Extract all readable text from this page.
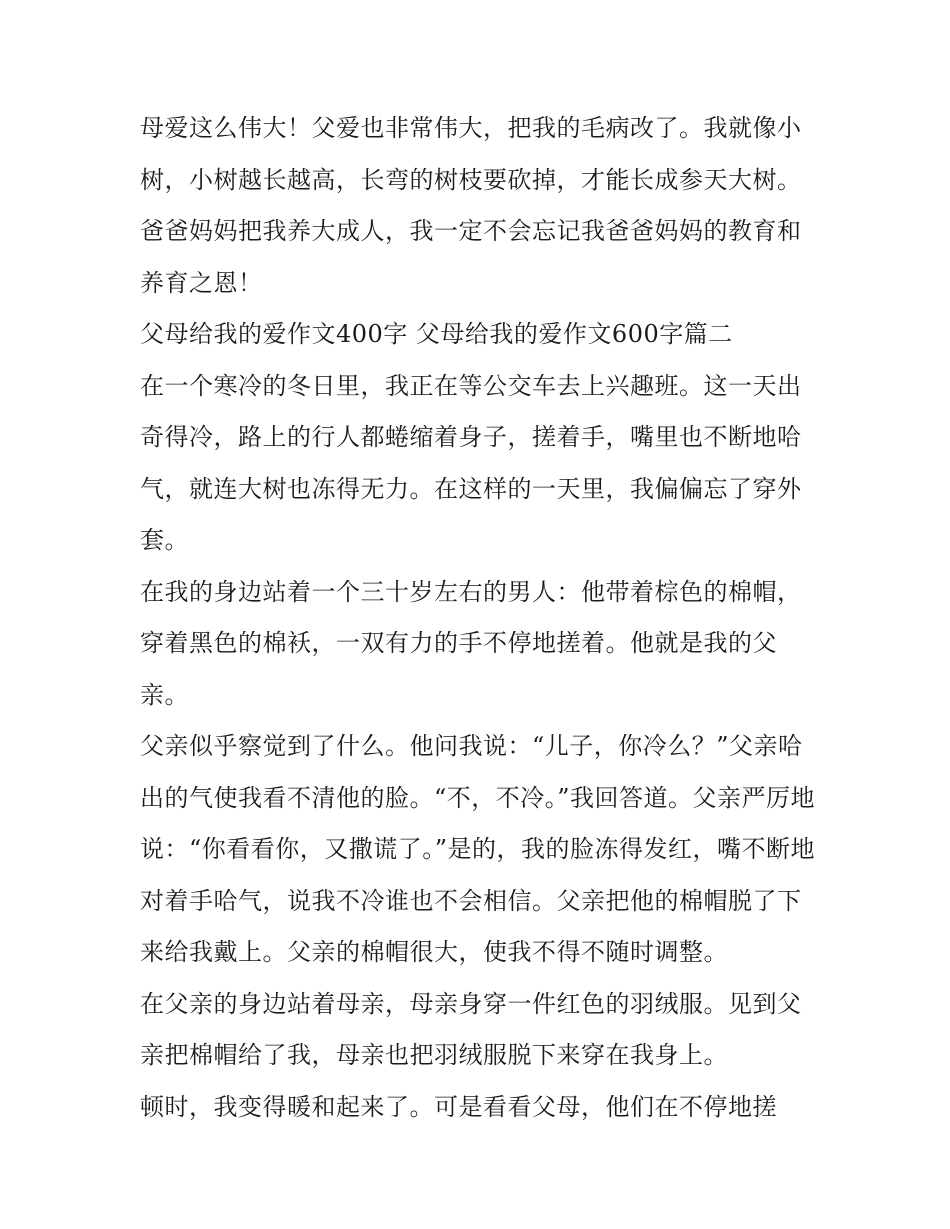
母爱这么伟大！父爱也非常伟大，把我的毛病改了。我就像小树，小树越长越高，长弯的树枝要砍掉，才能长成参天大树。爸爸妈妈把我养大成人，我一定不会忘记我爸爸妈妈的教育和养育之恩！

父母给我的爱作文400字 父母给我的爱作文600字篇二

在一个寒冷的冬日里，我正在等公交车去上兴趣班。这一天出奇得冷，路上的行人都蜷缩着身子，搓着手，嘴里也不断地哈气，就连大树也冻得无力。在这样的一天里，我偏偏忘了穿外套。

在我的身边站着一个三十岁左右的男人：他带着棕色的棉帽，穿着黑色的棉袄，一双有力的手不停地搓着。他就是我的父亲。

父亲似乎察觉到了什么。他问我说：“儿子，你冷么？”父亲哈出的气使我看不清他的脸。“不，不冷。”我回答道。父亲严厉地说：“你看看你，又撒谎了。”是的，我的脸冻得发红，嘴不断地对着手哈气，说我不冷谁也不会相信。父亲把他的棉帽脱了下来给我戴上。父亲的棉帽很大，使我不得不随时调整。

在父亲的身边站着母亲，母亲身穿一件红色的羽绒服。见到父亲把棉帽给了我，母亲也把羽绒服脱下来穿在我身上。

顿时，我变得暖和起来了。可是看看父母，他们在不停地搓
